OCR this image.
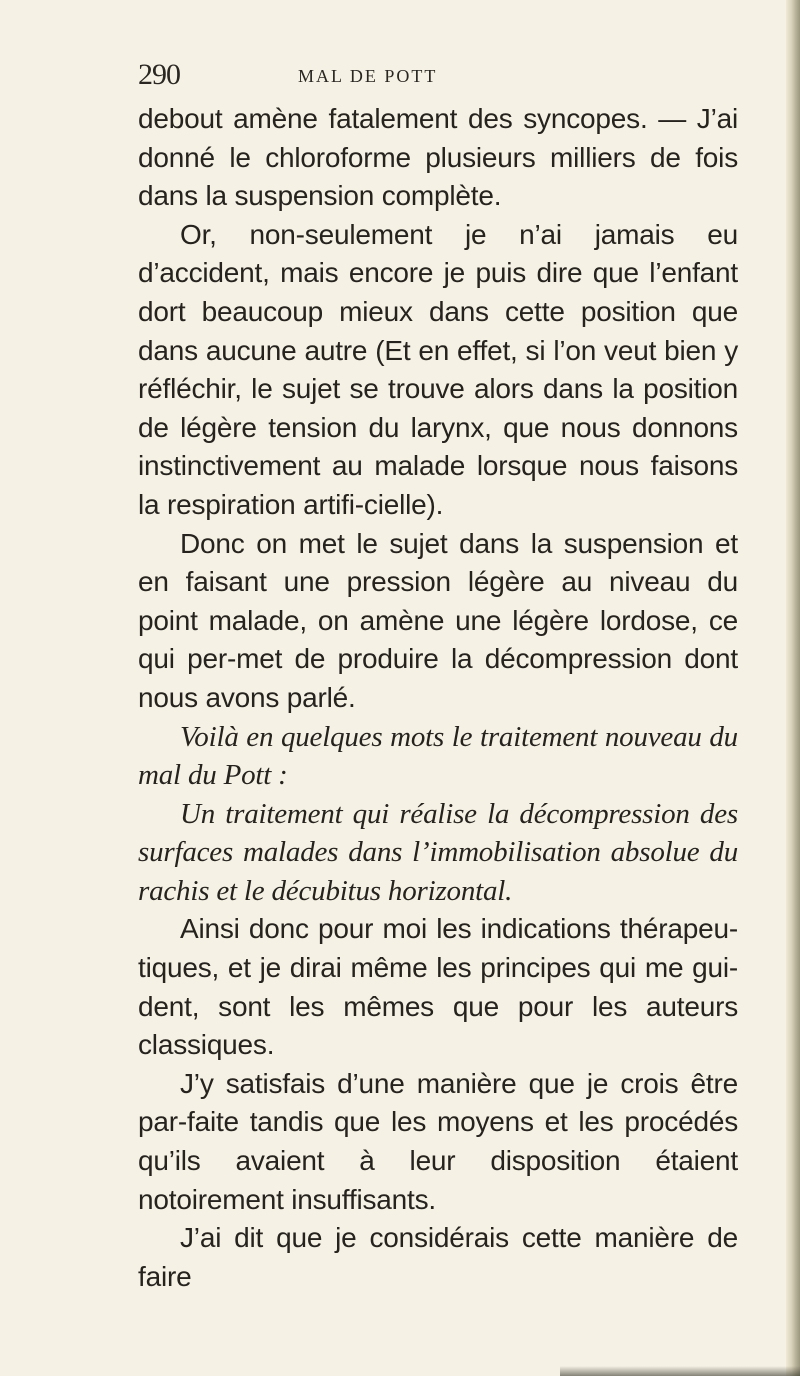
290	MAL DE POTT

debout amène fatalement des syncopes. — J’ai donné le chloroforme plusieurs milliers de fois dans la suspension complète.

Or, non-seulement je n’ai jamais eu d’accident, mais encore je puis dire que l’enfant dort beaucoup mieux dans cette position que dans aucune autre (Et en effet, si l’on veut bien y réfléchir, le sujet se trouve alors dans la position de légère tension du larynx, que nous donnons instinctivement au malade lorsque nous faisons la respiration artifi-cielle).

Donc on met le sujet dans la suspension et en faisant une pression légère au niveau du point malade, on amène une légère lordose, ce qui per-met de produire la décompression dont nous avons parlé.

Voilà en quelques mots le traitement nouveau du mal du Pott :

Un traitement qui réalise la décompression des surfaces malades dans l’immobilisation absolue du rachis et le décubitus horizontal.

Ainsi donc pour moi les indications thérapeu-tiques, et je dirai même les principes qui me gui-dent, sont les mêmes que pour les auteurs classiques.

J’y satisfais d’une manière que je crois être par-faite tandis que les moyens et les procédés qu’ils avaient à leur disposition étaient notoirement insuffisants.

J’ai dit que je considérais cette manière de faire
